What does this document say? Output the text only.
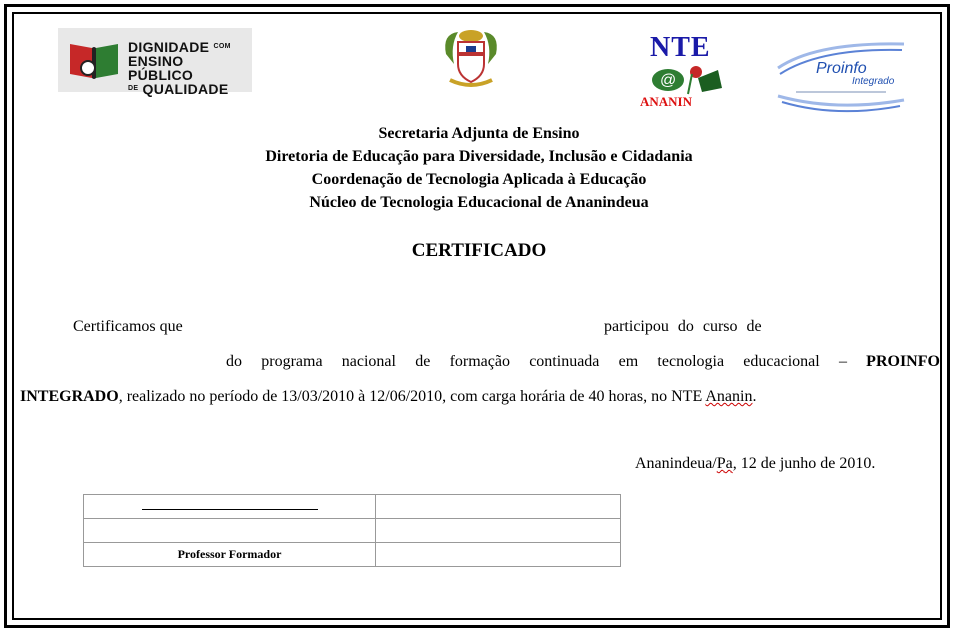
DIGNIDADE $^{COM}$
ENSINO PÚBLICO
$^{DE}$ QUALIDADE
NTE
@
ANANIN
Proinfo
Integrado
Secretaria Adjunta de Ensino
Diretoria de Educação para Diversidade, Inclusão e Cidadania
Coordenação de Tecnologia Aplicada à Educação
Núcleo de Tecnologia Educacional de Ananindeua
CERTIFICADO
Certificamos que	participou do curso de
do programa nacional de formação continuada em tecnologia educacional – PROINFO
INTEGRADO, realizado no período de 13/03/2010 à 12/06/2010, com carga horária de 40 horas, no NTE Ananin.
Ananindeua/Pa, 12 de junho de 2010.

Professor Formador	
